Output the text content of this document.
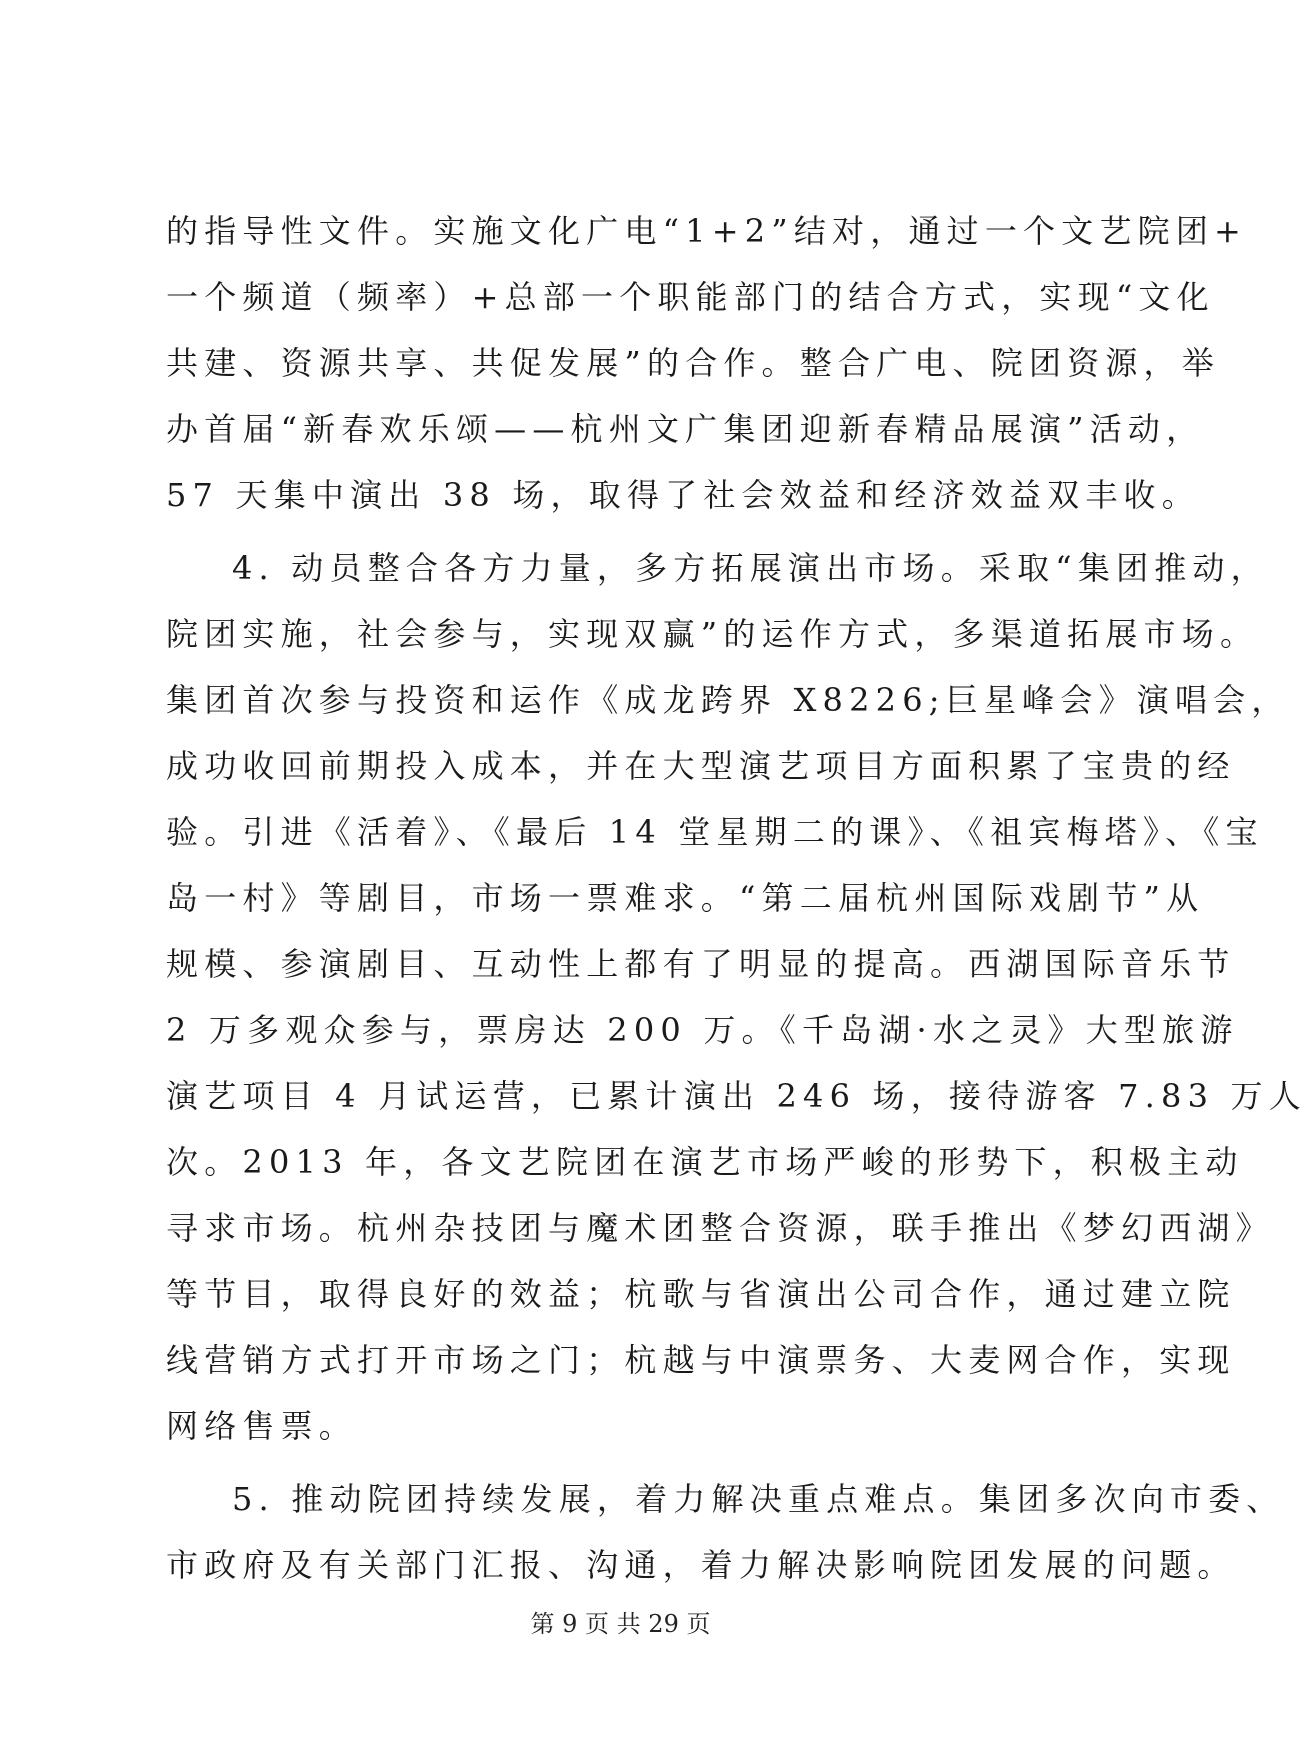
的指导性文件。实施文化广电“1+2”结对，通过一个文艺院团+
一个频道（频率）+总部一个职能部门的结合方式，实现“文化
共建、资源共享、共促发展”的合作。整合广电、院团资源，举
办首届“新春欢乐颂——杭州文广集团迎新春精品展演”活动，
57 天集中演出 38 场，取得了社会效益和经济效益双丰收。
4. 动员整合各方力量，多方拓展演出市场。采取“集团推动，
院团实施，社会参与，实现双赢”的运作方式，多渠道拓展市场。
集团首次参与投资和运作《成龙跨界 X8226;巨星峰会》演唱会，
成功收回前期投入成本，并在大型演艺项目方面积累了宝贵的经
验。引进《活着》、《最后 14 堂星期二的课》、《祖宾梅塔》、《宝
岛一村》等剧目，市场一票难求。“第二届杭州国际戏剧节”从
规模、参演剧目、互动性上都有了明显的提高。西湖国际音乐节
2 万多观众参与，票房达 200 万。《千岛湖·水之灵》大型旅游
演艺项目 4 月试运营，已累计演出 246 场，接待游客 7.83 万人
次。2013 年，各文艺院团在演艺市场严峻的形势下，积极主动
寻求市场。杭州杂技团与魔术团整合资源，联手推出《梦幻西湖》
等节目，取得良好的效益；杭歌与省演出公司合作，通过建立院
线营销方式打开市场之门；杭越与中演票务、大麦网合作，实现
网络售票。
5. 推动院团持续发展，着力解决重点难点。集团多次向市委、
市政府及有关部门汇报、沟通，着力解决影响院团发展的问题。
第 9 页 共 29 页
